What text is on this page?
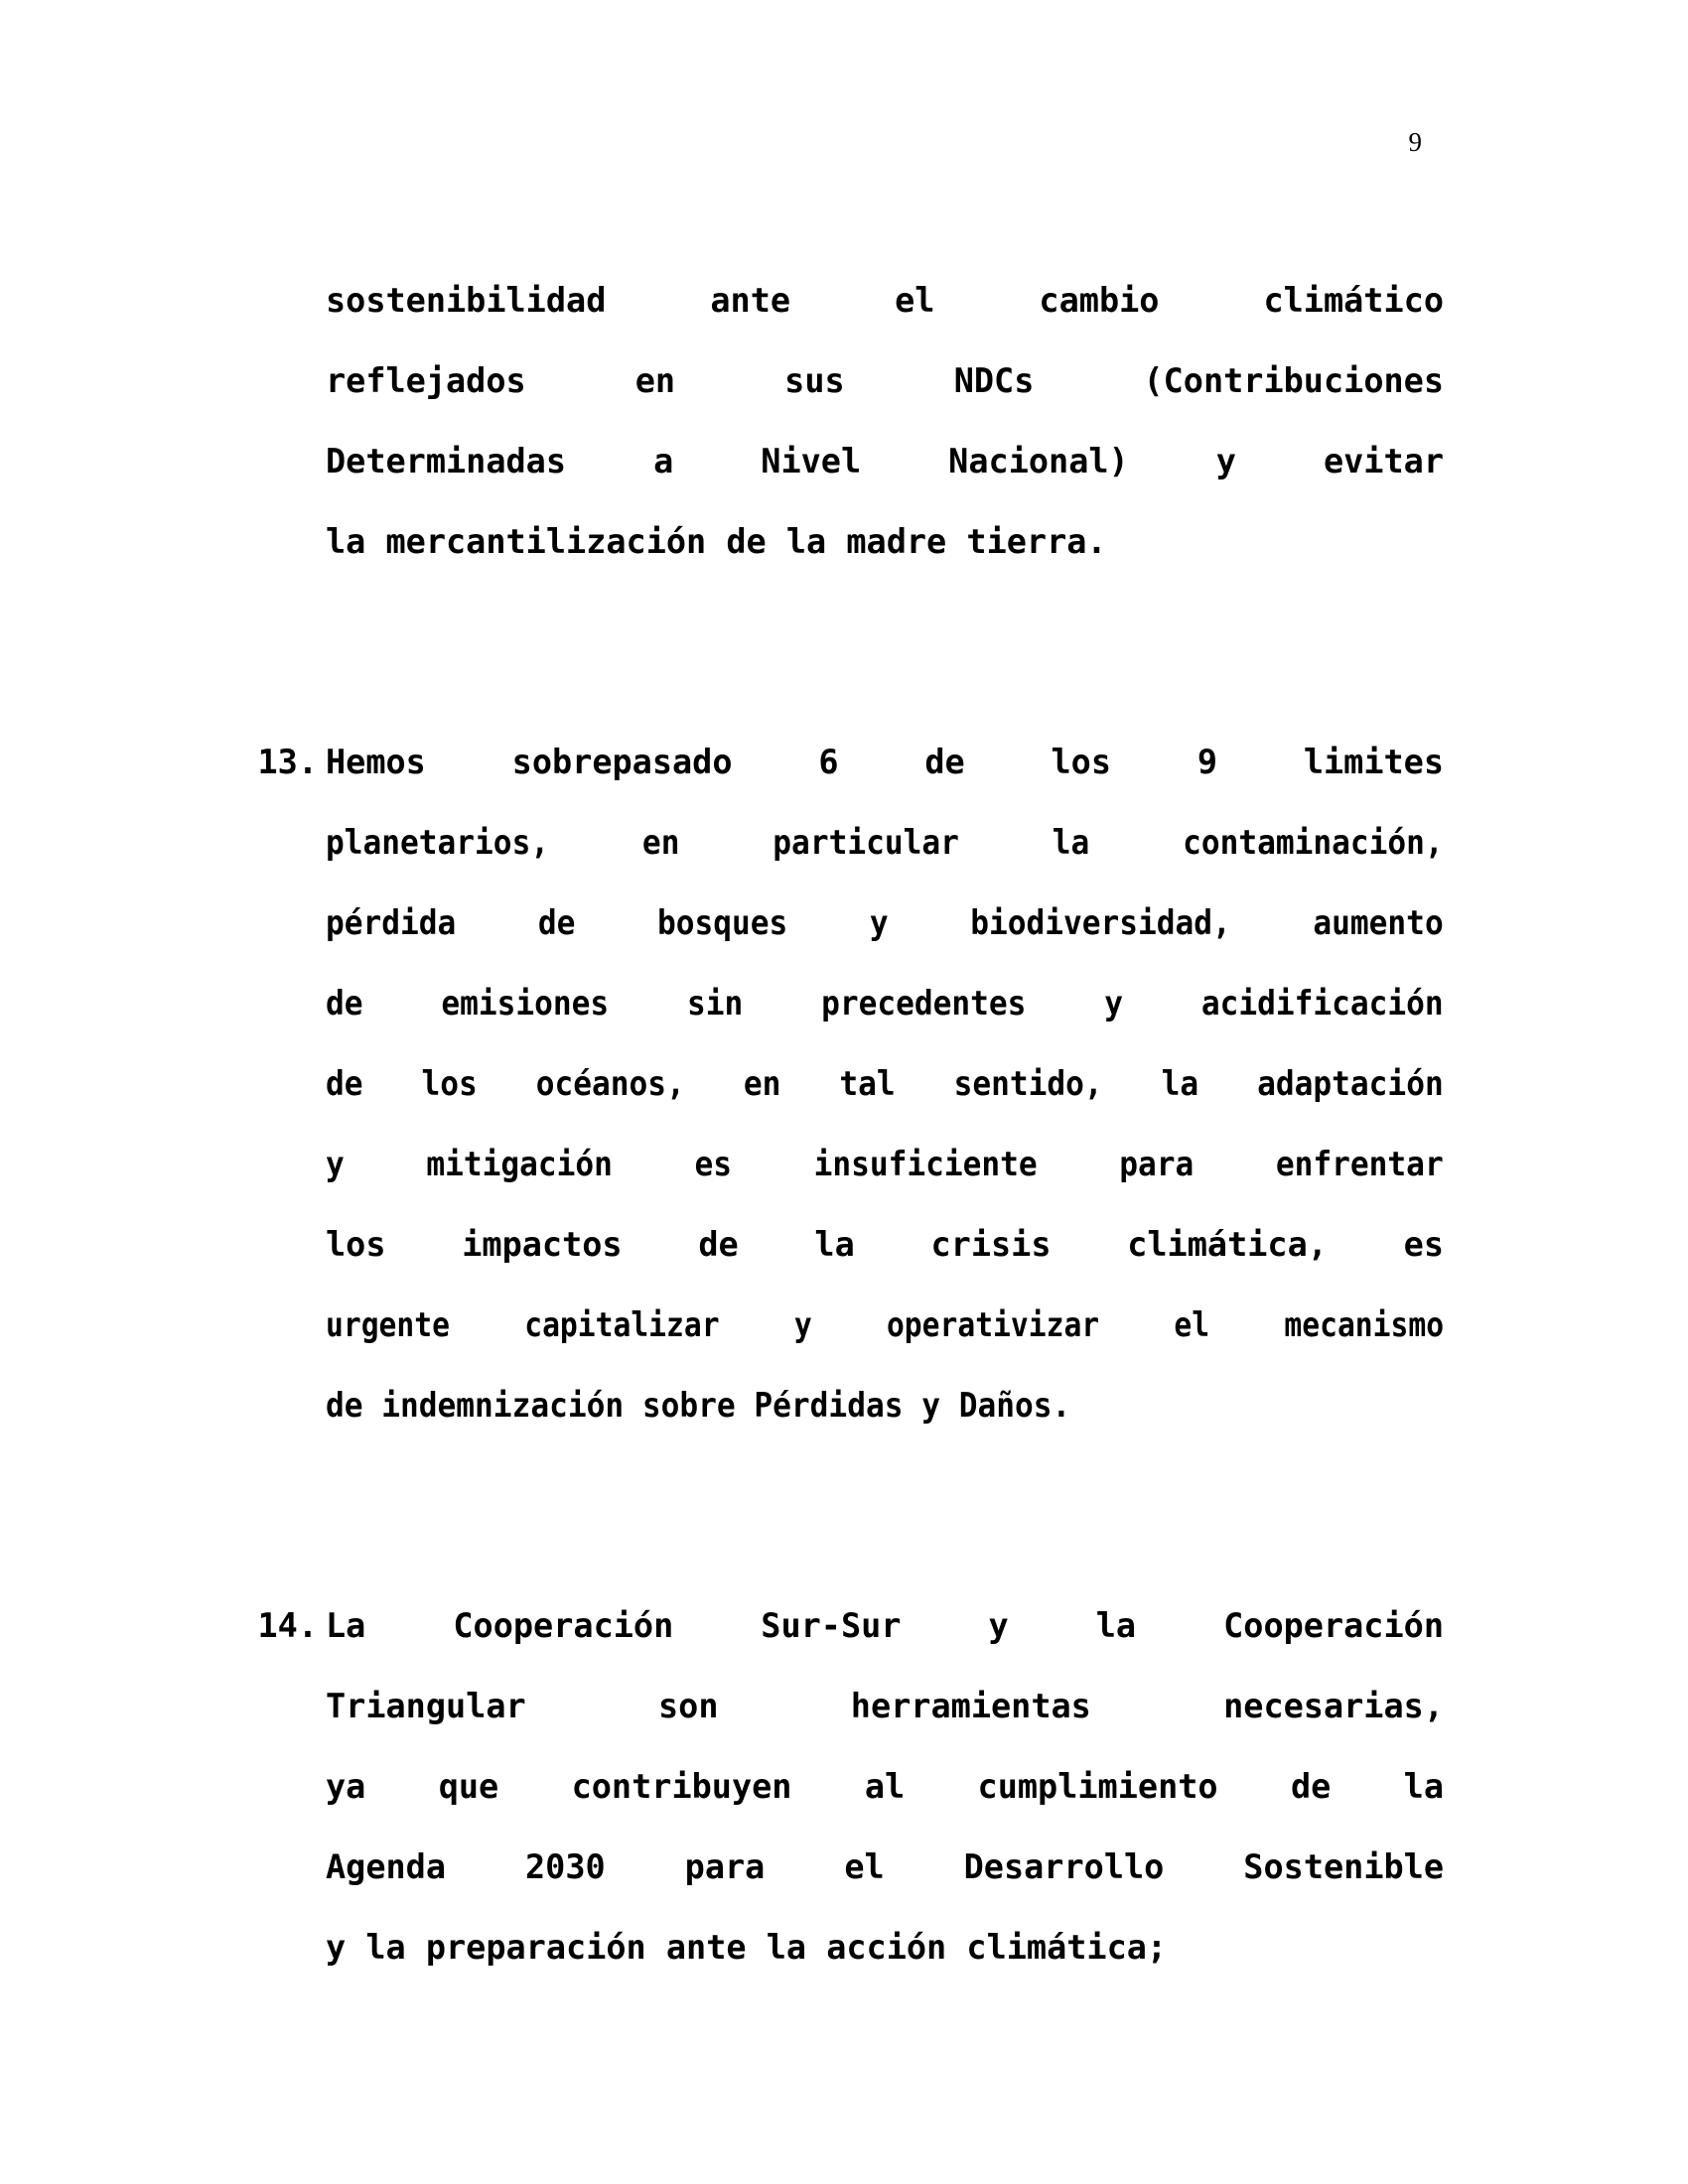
9
sostenibilidad ante el cambio climático
reflejados en sus NDCs (Contribuciones
Determinadas a Nivel Nacional) y evitar
la mercantilización de la madre tierra.
13. Hemos sobrepasado 6 de los 9 limites
planetarios, en particular la contaminación,
pérdida de bosques y biodiversidad, aumento
de emisiones sin precedentes y acidificación
de los océanos, en tal sentido, la adaptación
y mitigación es insuficiente para enfrentar
los impactos de la crisis climática, es
urgente capitalizar y operativizar el mecanismo
de indemnización sobre Pérdidas y Daños.
14. La Cooperación Sur-Sur y la Cooperación
Triangular son herramientas necesarias,
ya que contribuyen al cumplimiento de la
Agenda 2030 para el Desarrollo Sostenible
y la preparación ante la acción climática;
